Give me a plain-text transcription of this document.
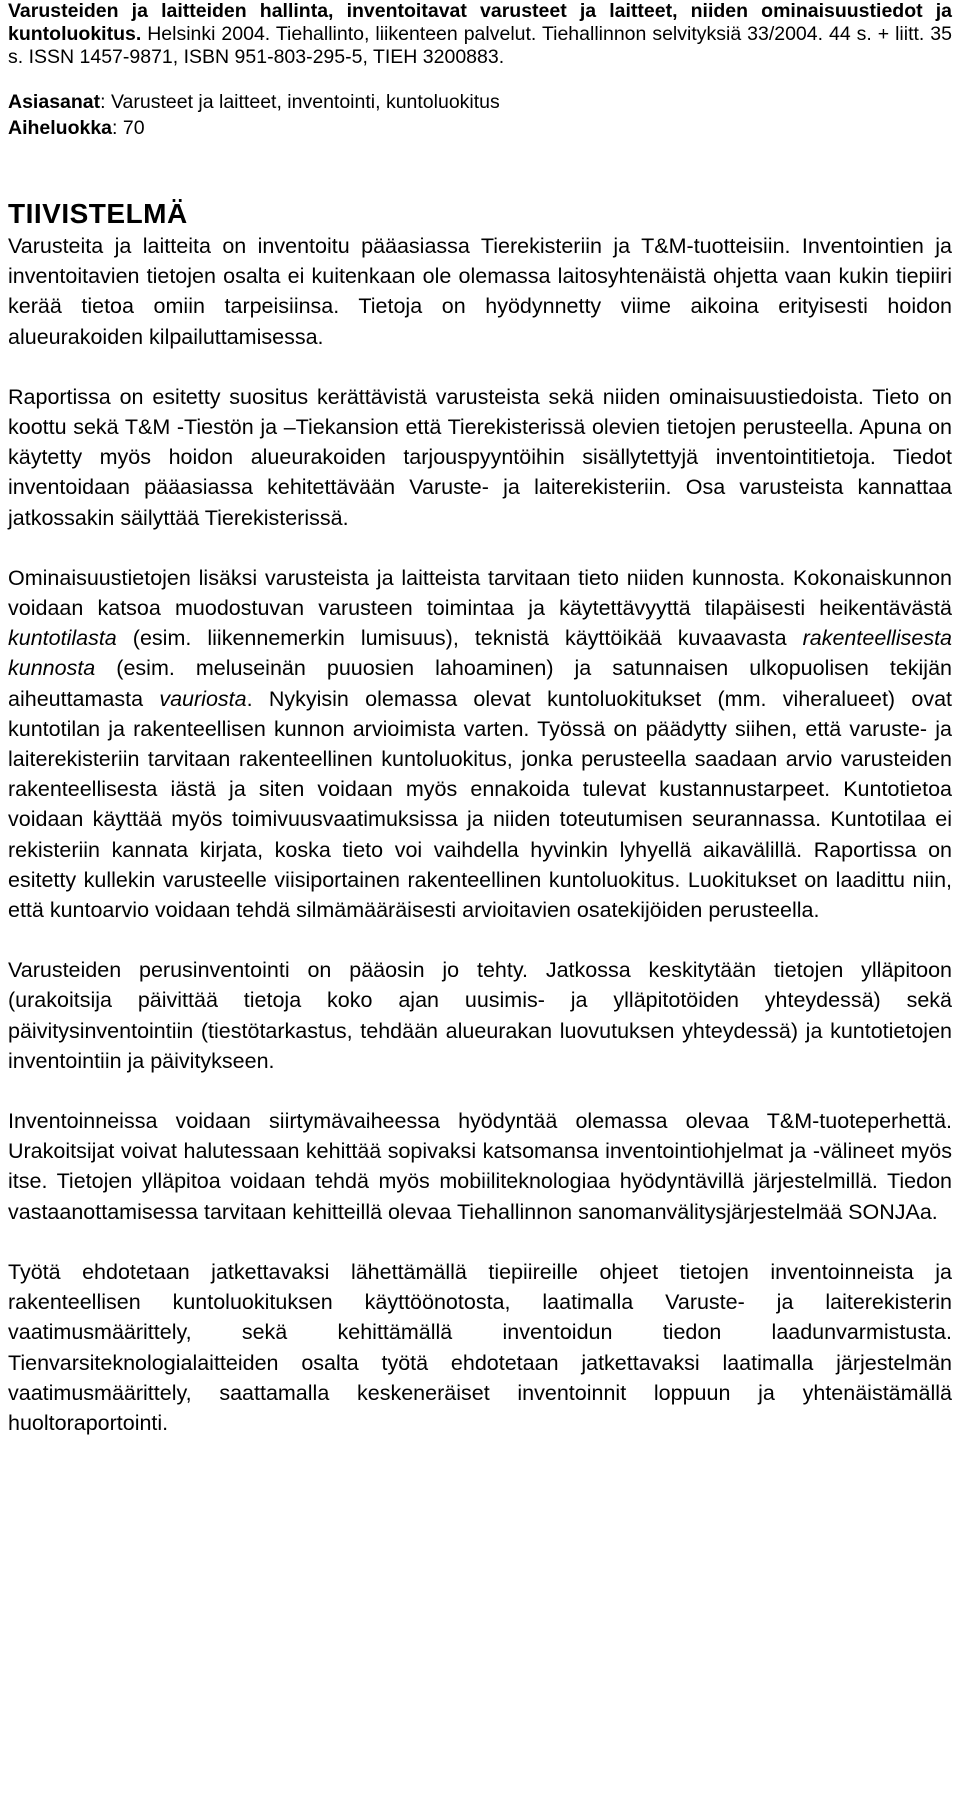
Varusteiden ja laitteiden hallinta, inventoitavat varusteet ja laitteet, niiden ominaisuustiedot ja kuntoluokitus. Helsinki 2004. Tiehallinto, liikenteen palvelut. Tiehallinnon selvityksiä 33/2004. 44 s. + liitt. 35 s. ISSN 1457-9871, ISBN 951-803-295-5, TIEH 3200883.

Asiasanat: Varusteet ja laitteet, inventointi, kuntoluokitus
Aiheluokka: 70
TIIVISTELMÄ

Varusteita ja laitteita on inventoitu pääasiassa Tierekisteriin ja T&M-tuotteisiin. Inventointien ja inventoitavien tietojen osalta ei kuitenkaan ole olemassa laitosyhtenäistä ohjetta vaan kukin tiepiiri kerää tietoa omiin tarpeisiinsa. Tietoja on hyödynnetty viime aikoina erityisesti hoidon alueurakoiden kilpailuttamisessa.

Raportissa on esitetty suositus kerättävistä varusteista sekä niiden ominaisuustiedoista. Tieto on koottu sekä T&M -Tiestön ja –Tiekansion että Tierekisterissä olevien tietojen perusteella. Apuna on käytetty myös hoidon alueurakoiden tarjouspyyntöihin sisällytettyjä inventointitietoja. Tiedot inventoidaan pääasiassa kehitettävään Varuste- ja laiterekisteriin. Osa varusteista kannattaa jatkossakin säilyttää Tierekisterissä.

Ominaisuustietojen lisäksi varusteista ja laitteista tarvitaan tieto niiden kunnosta. Kokonaiskunnon voidaan katsoa muodostuvan varusteen toimintaa ja käytettävyyttä tilapäisesti heikentävästä kuntotilasta (esim. liikennemerkin lumisuus), teknistä käyttöikää kuvaavasta rakenteellisesta kunnosta (esim. meluseinän puuosien lahoaminen) ja satunnaisen ulkopuolisen tekijän aiheuttamasta vauriosta. Nykyisin olemassa olevat kuntoluokitukset (mm. viheralueet) ovat kuntotilan ja rakenteellisen kunnon arvioimista varten. Työssä on päädytty siihen, että varuste- ja laiterekisteriin tarvitaan rakenteellinen kuntoluokitus, jonka perusteella saadaan arvio varusteiden rakenteellisesta iästä ja siten voidaan myös ennakoida tulevat kustannustarpeet. Kuntotietoa voidaan käyttää myös toimivuusvaatimuksissa ja niiden toteutumisen seurannassa. Kuntotilaa ei rekisteriin kannata kirjata, koska tieto voi vaihdella hyvinkin lyhyellä aikavälillä. Raportissa on esitetty kullekin varusteelle viisiportainen rakenteellinen kuntoluokitus. Luokitukset on laadittu niin, että kuntoarvio voidaan tehdä silmämääräisesti arvioitavien osatekijöiden perusteella.

Varusteiden perusinventointi on pääosin jo tehty. Jatkossa keskitytään tietojen ylläpitoon (urakoitsija päivittää tietoja koko ajan uusimis- ja ylläpitotöiden yhteydessä) sekä päivitysinventointiin (tiestötarkastus, tehdään alueurakan luovutuksen yhteydessä) ja kuntotietojen inventointiin ja päivitykseen.

Inventoinneissa voidaan siirtymävaiheessa hyödyntää olemassa olevaa T&M-tuoteperhettä. Urakoitsijat voivat halutessaan kehittää sopivaksi katsomansa inventointiohjelmat ja -välineet myös itse. Tietojen ylläpitoa voidaan tehdä myös mobiiliteknologiaa hyödyntävillä järjestelmillä. Tiedon vastaanottamisessa tarvitaan kehitteillä olevaa Tiehallinnon sanomanvälitysjärjestelmää SONJAa.

Työtä ehdotetaan jatkettavaksi lähettämällä tiepiireille ohjeet tietojen inventoinneista ja rakenteellisen kuntoluokituksen käyttöönotosta, laatimalla Varuste- ja laiterekisterin vaatimusmäärittely, sekä kehittämällä inventoidun tiedon laadunvarmistusta. Tienvarsiteknologialaitteiden osalta työtä ehdotetaan jatkettavaksi laatimalla järjestelmän vaatimusmäärittely, saattamalla keskeneräiset inventoinnit loppuun ja yhtenäistämällä huoltoraportointi.
